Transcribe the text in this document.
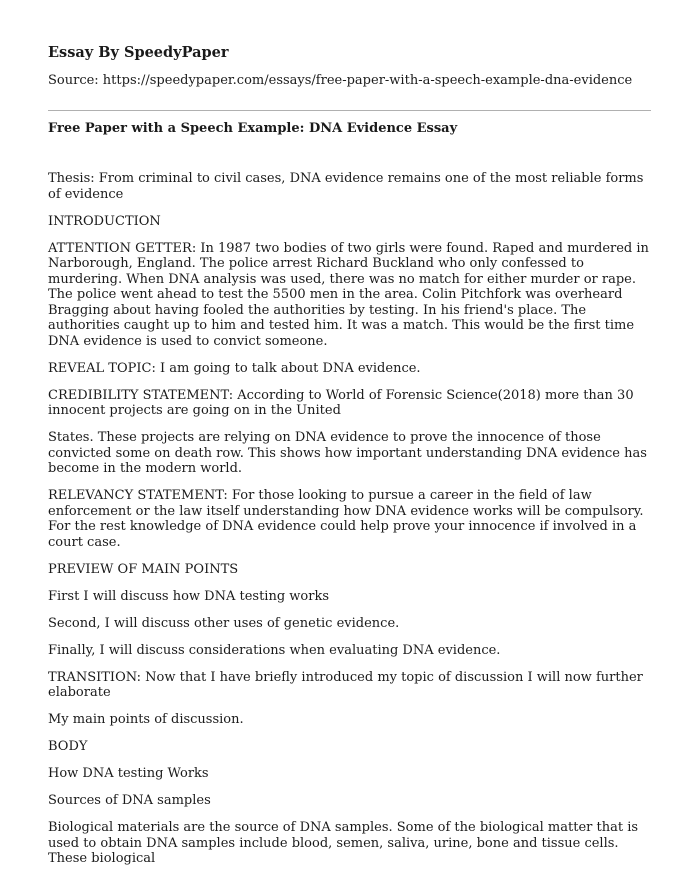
Essay By SpeedyPaper
Source: https://speedypaper.com/essays/free-paper-with-a-speech-example-dna-evidence
Free Paper with a Speech Example: DNA Evidence Essay

Thesis: From criminal to civil cases, DNA evidence remains one of the most reliable forms of evidence

INTRODUCTION

ATTENTION GETTER: In 1987 two bodies of two girls were found. Raped and murdered in Narborough, England. The police arrest Richard Buckland who only confessed to murdering. When DNA analysis was used, there was no match for either murder or rape. The police went ahead to test the 5500 men in the area. Colin Pitchfork was overheard Bragging about having fooled the authorities by testing. In his friend's place. The authorities caught up to him and tested him. It was a match. This would be the first time DNA evidence is used to convict someone.

REVEAL TOPIC: I am going to talk about DNA evidence.

CREDIBILITY STATEMENT: According to World of Forensic Science(2018) more than 30 innocent projects are going on in the United

States. These projects are relying on DNA evidence to prove the innocence of those convicted some on death row. This shows how important understanding DNA evidence has become in the modern world.

RELEVANCY STATEMENT: For those looking to pursue a career in the field of law enforcement or the law itself understanding how DNA evidence works will be compulsory. For the rest knowledge of DNA evidence could help prove your innocence if involved in a court case.

PREVIEW OF MAIN POINTS

First I will discuss how DNA testing works

Second, I will discuss other uses of genetic evidence.

Finally, I will discuss considerations when evaluating DNA evidence.

TRANSITION: Now that I have briefly introduced my topic of discussion I will now further elaborate

My main points of discussion.

BODY

How DNA testing Works

Sources of DNA samples

Biological materials are the source of DNA samples. Some of the biological matter that is used to obtain DNA samples include blood, semen, saliva, urine, bone and tissue cells. These biological
